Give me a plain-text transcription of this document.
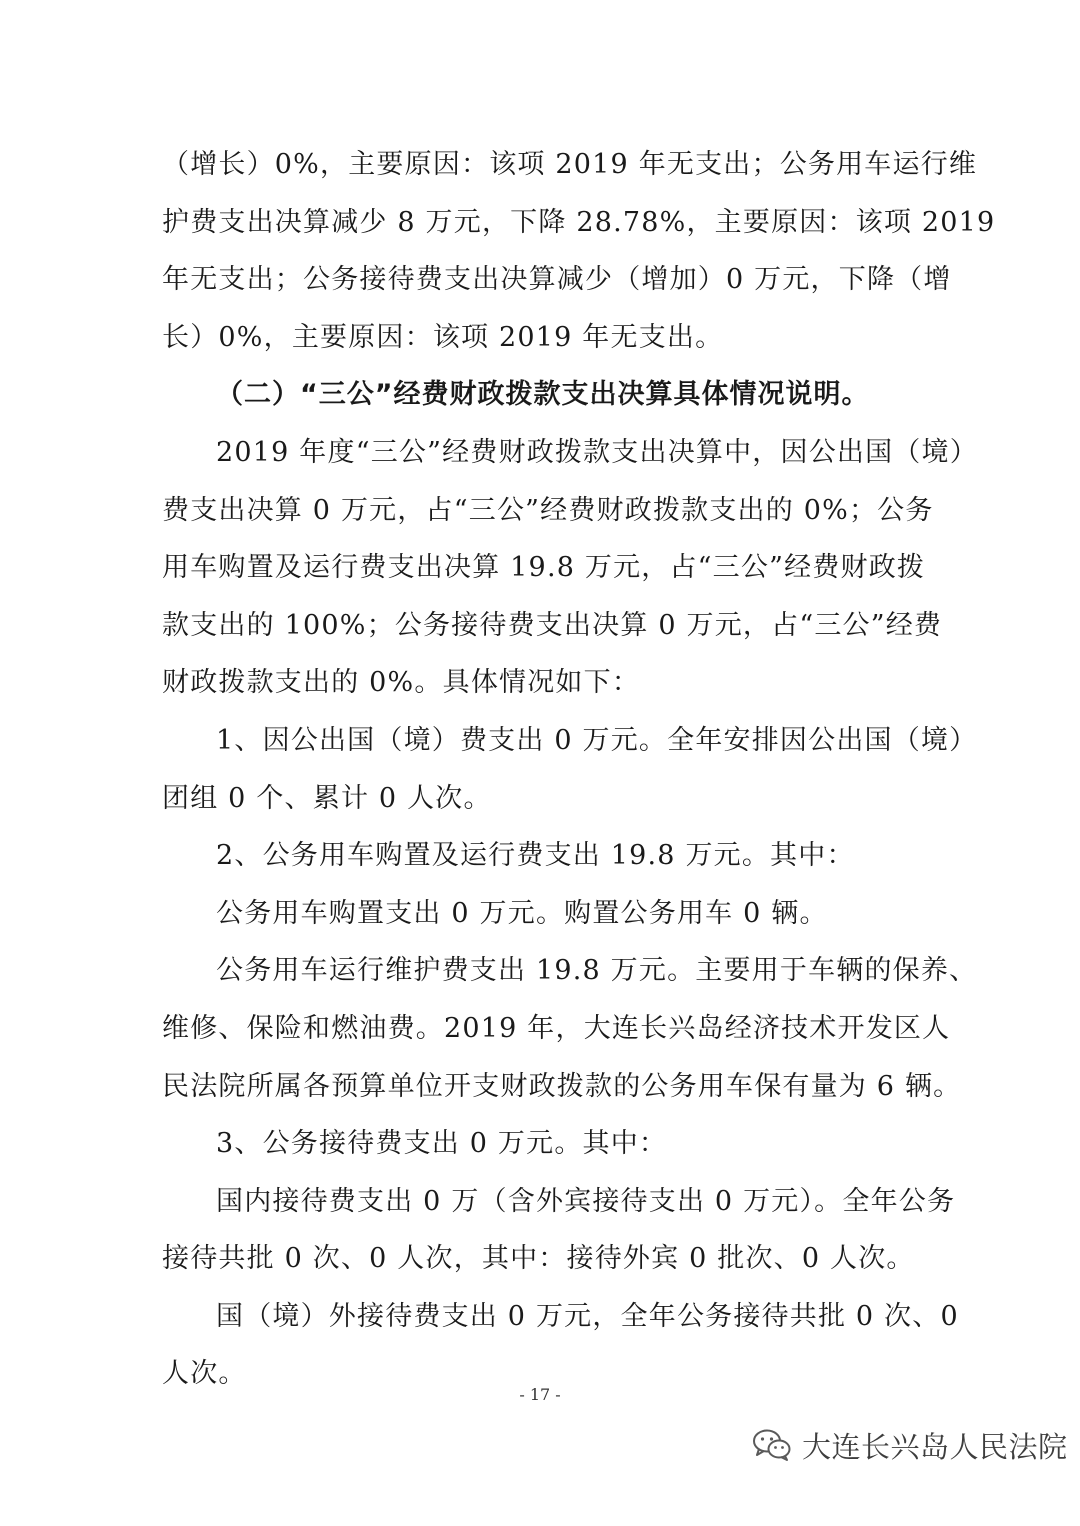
（增长）0%，主要原因：该项 2019 年无支出；公务用车运行维
护费支出决算减少 8 万元，下降 28.78%，主要原因：该项 2019
年无支出；公务接待费支出决算减少（增加）0 万元，下降（增
长）0%，主要原因：该项 2019 年无支出。
（二）“三公”经费财政拨款支出决算具体情况说明。
2019 年度“三公”经费财政拨款支出决算中，因公出国（境）
费支出决算 0 万元，占“三公”经费财政拨款支出的 0%；公务
用车购置及运行费支出决算 19.8 万元，占“三公”经费财政拨
款支出的 100%；公务接待费支出决算 0 万元，占“三公”经费
财政拨款支出的 0%。具体情况如下：
1、因公出国（境）费支出 0 万元。全年安排因公出国（境）
团组 0 个、累计 0 人次。
2、公务用车购置及运行费支出 19.8 万元。其中：
公务用车购置支出 0 万元。购置公务用车 0 辆。
公务用车运行维护费支出 19.8 万元。主要用于车辆的保养、
维修、保险和燃油费。2019 年，大连长兴岛经济技术开发区人
民法院所属各预算单位开支财政拨款的公务用车保有量为 6 辆。
3、公务接待费支出 0 万元。其中：
国内接待费支出 0 万（含外宾接待支出 0 万元）。全年公务
接待共批 0 次、0 人次，其中：接待外宾 0 批次、0 人次。
国（境）外接待费支出 0 万元，全年公务接待共批 0 次、0
人次。
- 17 -
大连长兴岛人民法院
